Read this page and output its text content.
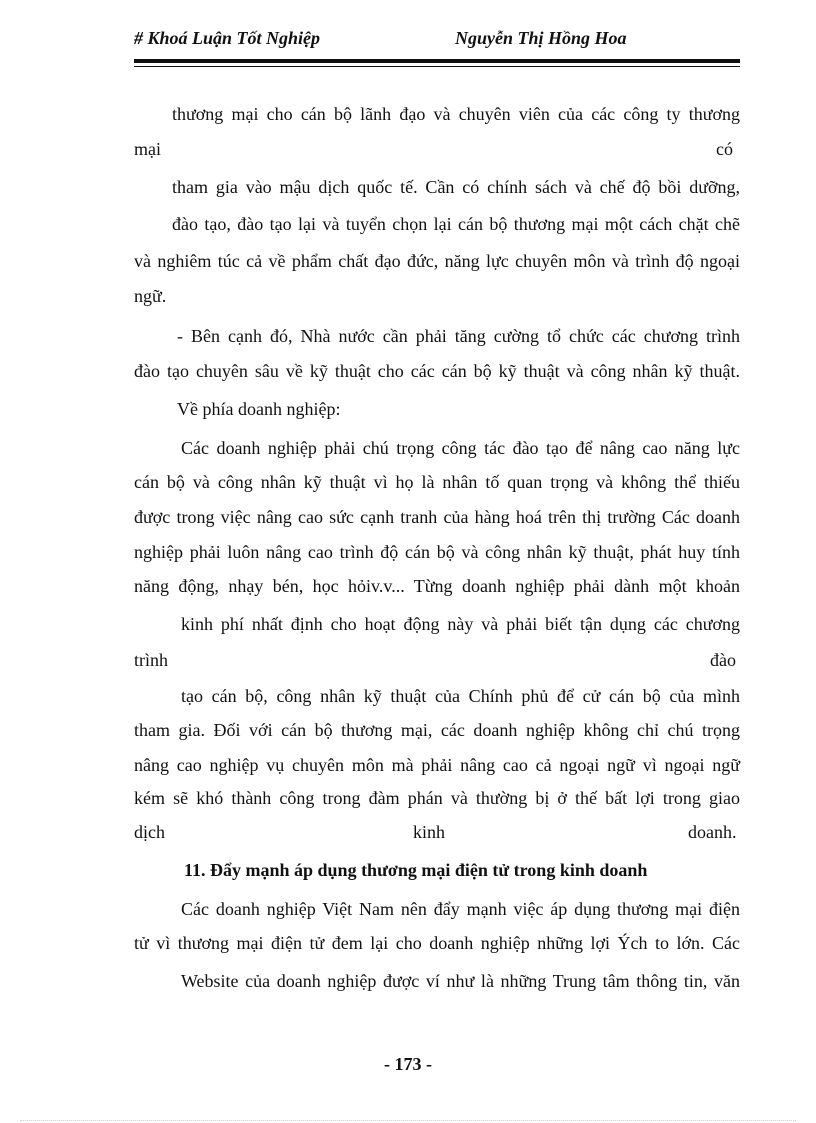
# Khoá Luận Tốt Nghiệp	Nguyễn Thị Hồng Hoa
thương mại cho cán bộ lãnh đạo và chuyên viên của các công ty thương
mại	có
tham gia vào mậu dịch quốc tế. Cần có chính sách và chế độ bồi dưỡng,
đào tạo, đào tạo lại và tuyển chọn lại cán bộ thương mại một cách chặt chẽ
và nghiêm túc cả về phẩm chất đạo đức, năng lực chuyên môn và trình độ ngoại
ngữ.
- Bên cạnh đó, Nhà nước cần phải tăng cường tổ chức các chương trình
đào tạo chuyên sâu về kỹ thuật cho các cán bộ kỹ thuật và công nhân kỹ thuật.
Về phía doanh nghiệp:
Các doanh nghiệp phải chú trọng công tác đào tạo để nâng cao năng lực
cán bộ và công nhân kỹ thuật vì họ là nhân tố quan trọng và không thể thiếu
được trong việc nâng cao sức cạnh tranh của hàng hoá trên thị trường Các doanh
nghiệp phải luôn nâng cao trình độ cán bộ và công nhân kỹ thuật, phát huy tính
năng động, nhạy bén, học hỏiv.v... Từng doanh nghiệp phải dành một khoản
kinh phí nhất định cho hoạt động này và phải biết tận dụng các chương
trình	đào
tạo cán bộ, công nhân kỹ thuật của Chính phủ để cử cán bộ của mình
tham gia. Đối với cán bộ thương mại, các doanh nghiệp không chỉ chú trọng
nâng cao nghiệp vụ chuyên môn mà phải nâng cao cả ngoại ngữ vì ngoại ngữ
kém sẽ khó thành công trong đàm phán và thường bị ở thế bất lợi trong giao
dịch	kinh	doanh.
11. Đẩy mạnh áp dụng thương mại điện tử trong kinh doanh
Các doanh nghiệp Việt Nam nên đẩy mạnh việc áp dụng thương mại điện
tử vì thương mại điện tử đem lại cho doanh nghiệp những lợi Ých to lớn. Các
Website của doanh nghiệp được ví như là những Trung tâm thông tin, văn
- 173 -
